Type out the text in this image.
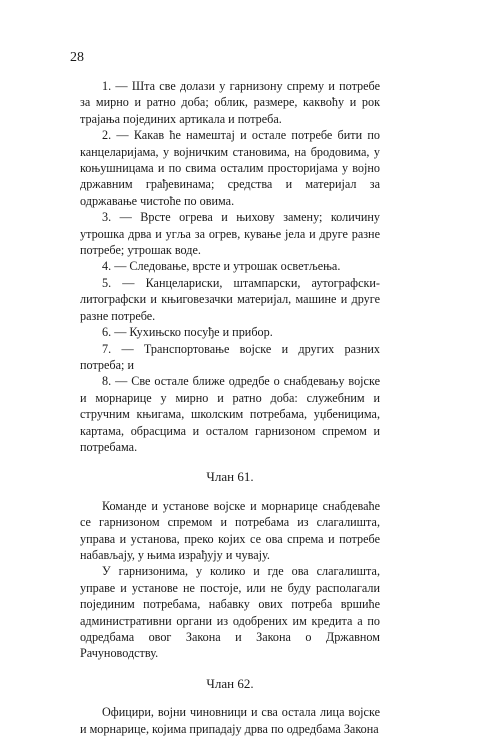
28

1. — Шта све долази у гарнизону спрему и потребе за мирно и ратно доба; облик, размере, каквоћу и рок трајања појединих артикала и потреба.

2. — Какав ће намештај и остале потребе бити по канцеларијама, у војничким становима, на бродовима, у коњушницама и по свима осталим просторијама у војно државним грађевинама; средства и материјал за одржавање чистоће по овима.

3. — Врсте огрева и њихову замену; количину утрошка дрва и угља за огрев, кување јела и друге разне потребе; утрошак воде.

4. — Следовање, врсте и утрошак осветљења.

5. — Канцелариски, штампарски, аутографски-литографски и књиговезачки материјал, машине и друге разне потребе.

6. — Кухињско посуђе и прибор.

7. — Транспортовање војске и других разних потреба; и

8. — Све остале ближе одредбе о снабдевању војске и морнарице у мирно и ратно доба: служебним и стручним књигама, школским потребама, уџбеницима, картама, обрасцима и осталом гарнизоном спремом и потребама.

Члан 61.

Команде и установе војске и морнарице снабдеваће се гарнизоном спремом и потребама из слагалишта, управа и установа, преко којих се ова спрема и потребе набављају, у њима израђују и чувају.

У гарнизонима, у колико и где ова слагалишта, управе и установе не постоје, или не буду располагали појединим потребама, набавку ових потреба вршиће административни органи из одобрених им кредита а по одредбама овог Закона и Закона о Државном Рачуноводству.

Члан 62.

Официри, војни чиновници и сва остала лица војске и морнарице, којима припадају дрва по одредбама Закона
